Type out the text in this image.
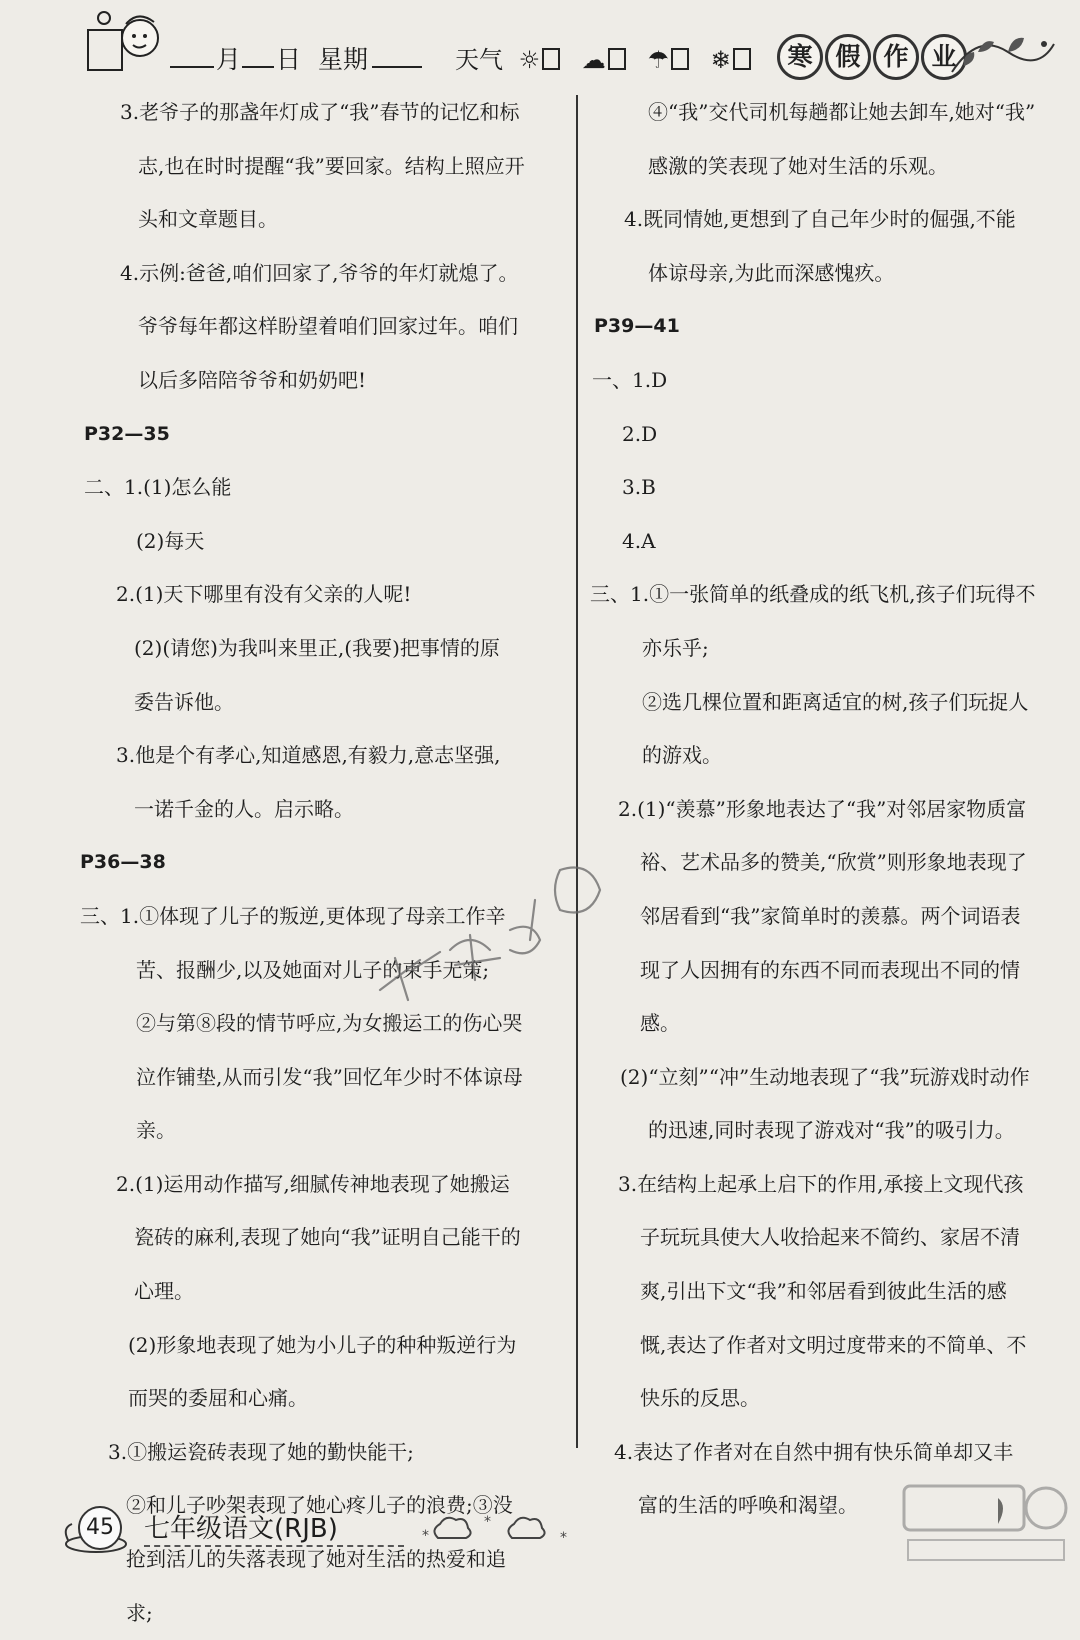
月 日 星期	天气 ☼ ☁ ☂ ❄	寒 假 作 业
3.老爷子的那盏年灯成了“我”春节的记忆和标
志,也在时时提醒“我”要回家。结构上照应开
头和文章题目。
4.示例:爸爸,咱们回家了,爷爷的年灯就熄了。
爷爷每年都这样盼望着咱们回家过年。咱们
以后多陪陪爷爷和奶奶吧!
P32—35
二、1.(1)怎么能
(2)每天
2.(1)天下哪里有没有父亲的人呢!
(2)(请您)为我叫来里正,(我要)把事情的原
委告诉他。
3.他是个有孝心,知道感恩,有毅力,意志坚强,
一诺千金的人。启示略。
P36—38
三、1.①体现了儿子的叛逆,更体现了母亲工作辛
苦、报酬少,以及她面对儿子的束手无策;
②与第⑧段的情节呼应,为女搬运工的伤心哭
泣作铺垫,从而引发“我”回忆年少时不体谅母
亲。
2.(1)运用动作描写,细腻传神地表现了她搬运
瓷砖的麻利,表现了她向“我”证明自己能干的
心理。
(2)形象地表现了她为小儿子的种种叛逆行为
而哭的委屈和心痛。
3.①搬运瓷砖表现了她的勤快能干;
②和儿子吵架表现了她心疼儿子的浪费;③没
抢到活儿的失落表现了她对生活的热爱和追
求;
④“我”交代司机每趟都让她去卸车,她对“我”
感激的笑表现了她对生活的乐观。
4.既同情她,更想到了自己年少时的倔强,不能
体谅母亲,为此而深感愧疚。
P39—41
一、1.D
2.D
3.B
4.A
三、1.①一张简单的纸叠成的纸飞机,孩子们玩得不
亦乐乎;
②选几棵位置和距离适宜的树,孩子们玩捉人
的游戏。
2.(1)“羡慕”形象地表达了“我”对邻居家物质富
裕、艺术品多的赞美,“欣赏”则形象地表现了
邻居看到“我”家简单时的羡慕。两个词语表
现了人因拥有的东西不同而表现出不同的情
感。
(2)“立刻”“冲”生动地表现了“我”玩游戏时动作
的迅速,同时表现了游戏对“我”的吸引力。
3.在结构上起承上启下的作用,承接上文现代孩
子玩玩具使大人收拾起来不简约、家居不清
爽,引出下文“我”和邻居看到彼此生活的感
慨,表达了作者对文明过度带来的不简单、不
快乐的反思。
4.表达了作者对在自然中拥有快乐简单却又丰
富的生活的呼唤和渴望。
45	七年级语文(RJB)	*
*
*
